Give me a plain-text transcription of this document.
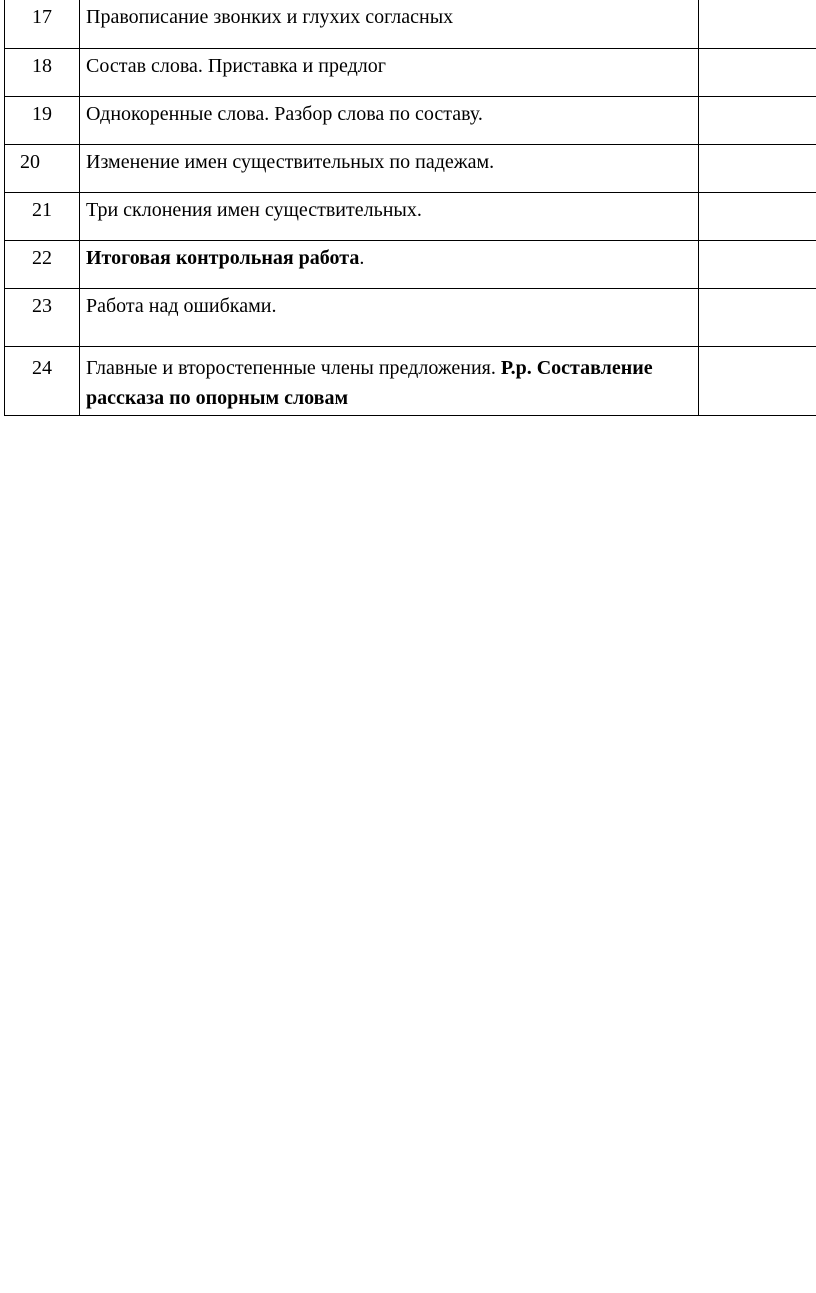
17	Правописание звонких и глухих согласных	
18	Состав слова. Приставка и предлог	
19	Однокоренные слова. Разбор слова по составу.	
20	Изменение имен существительных по падежам.	
21	Три склонения имен существительных.	
22	Итоговая контрольная работа.	
23	Работа над ошибками.	
24	Главные и второстепенные члены предложения. Р.р. Составление рассказа по опорным словам	
